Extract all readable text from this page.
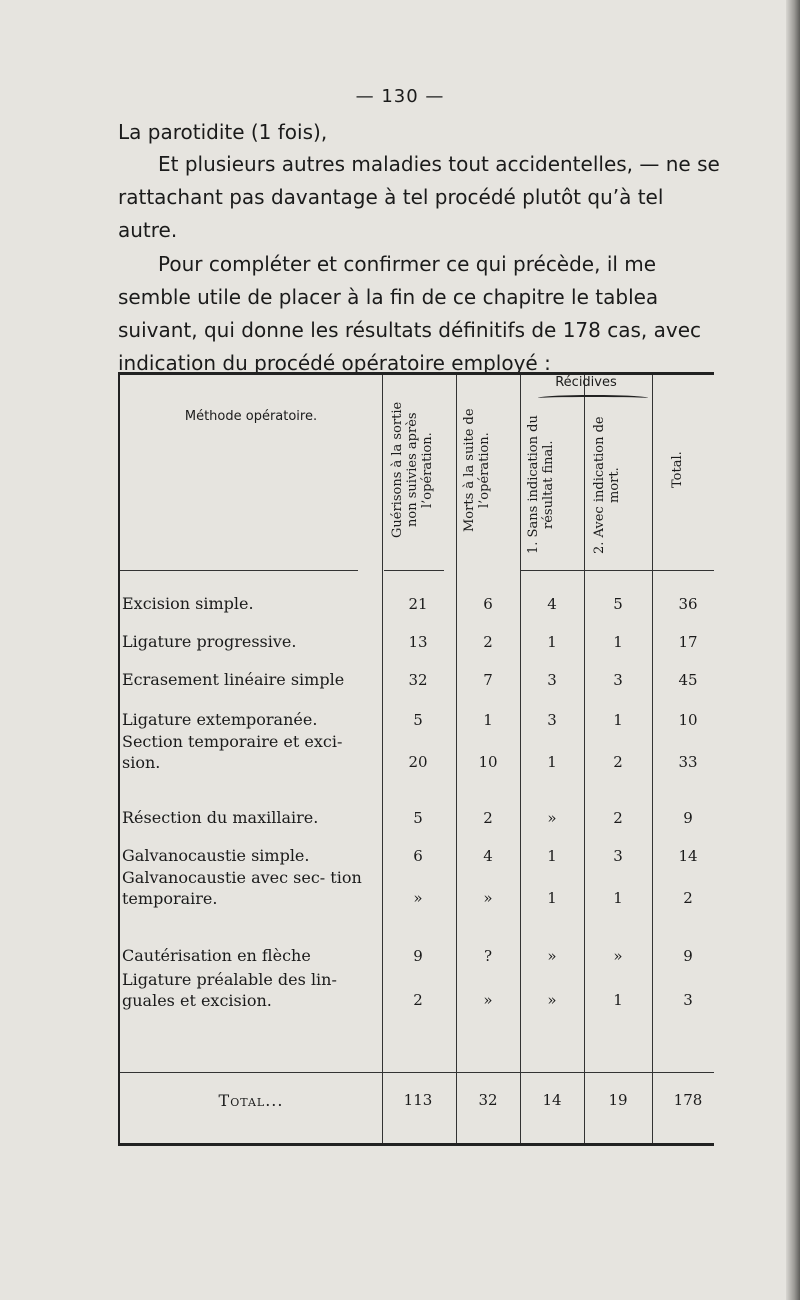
— 130 —

La parotidite (1 fois),

Et plusieurs autres maladies tout accidentelles, — ne se rattachant pas davantage à tel procédé plutôt qu’à tel autre.

Pour compléter et confirmer ce qui précède, il me semble utile de placer à la fin de ce chapitre le tablea suivant, qui donne les résultats définitifs de 178 cas, avec indication du procédé opératoire employé :

Méthode opératoire.	Guérisons à la sortie non suivies après l’opération.	Morts à la suite de l’opération.
Récidives
1. Sans indication du résultat final.	2. Avec indication de mort.	Total.
Excision simple.	21	6	4	5	36
Ligature progressive.	13	2	1	1	17
Ecrasement linéaire simple	32	7	3	3	45
Ligature extemporanée.	5	1	3	1	10
Section temporaire et exci- sion.	20	10	1	2	33
Résection du maxillaire.	5	2	»	2	9
Galvanocaustie simple.	6	4	1	3	14
Galvanocaustie avec sec- tion temporaire.	»	»	1	1	2
Cautérisation en flèche	9	?	»	»	9
Ligature préalable des lin- guales et excision.	2	»	»	1	3
Total...	113	32	14	19	178
